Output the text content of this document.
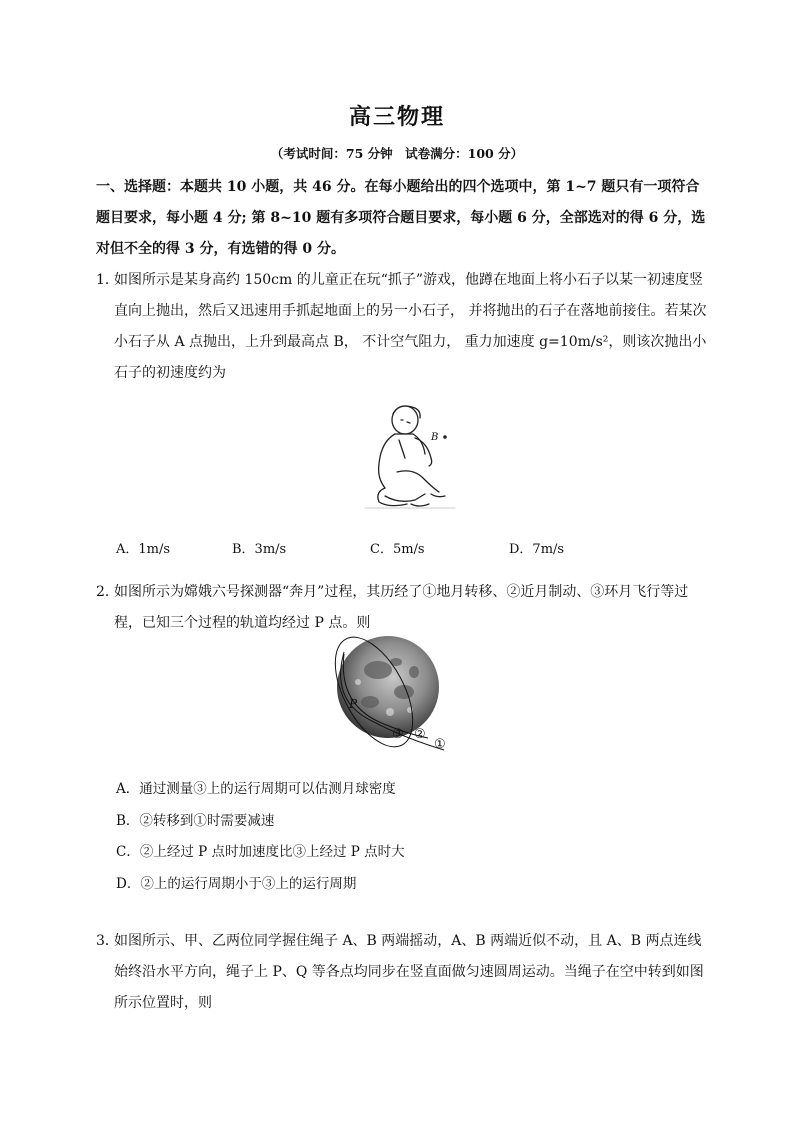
高三物理
（考试时间：75 分钟　试卷满分：100 分）
一、选择题：本题共 10 小题，共 46 分。在每小题给出的四个选项中，第 1~7 题只有一项符合题目要求，每小题 4 分; 第 8~10 题有多项符合题目要求，每小题 6 分，全部选对的得 6 分，选对但不全的得 3 分，有选错的得 0 分。
1．
如图所示是某身高约 150cm 的儿童正在玩“抓子”游戏，他蹲在地面上将小石子以某一初速度竖直向上抛出，然后又迅速用手抓起地面上的另一小石子， 并将抛出的石子在落地前接住。若某次小石子从 A 点抛出，上升到最高点 B， 不计空气阻力， 重力加速度 g=10m/s²，则该次抛出小石子的初速度约为
B
A．1m/s	B．3m/s	C．5m/s	D．7m/s
2．
如图所示为嫦娥六号探测器“奔月”过程，其历经了①地月转移、②近月制动、③环月飞行等过程，已知三个过程的轨道均经过 P 点。则
P
③ ②
①
A．通过测量③上的运行周期可以估测月球密度
B．②转移到①时需要减速
C．②上经过 P 点时加速度比③上经过 P 点时大
D．②上的运行周期小于③上的运行周期
3．
如图所示、甲、乙两位同学握住绳子 A、B 两端摇动，A、B 两端近似不动，且 A、B 两点连线始终沿水平方向，绳子上 P、Q 等各点均同步在竖直面做匀速圆周运动。当绳子在空中转到如图所示位置时，则
